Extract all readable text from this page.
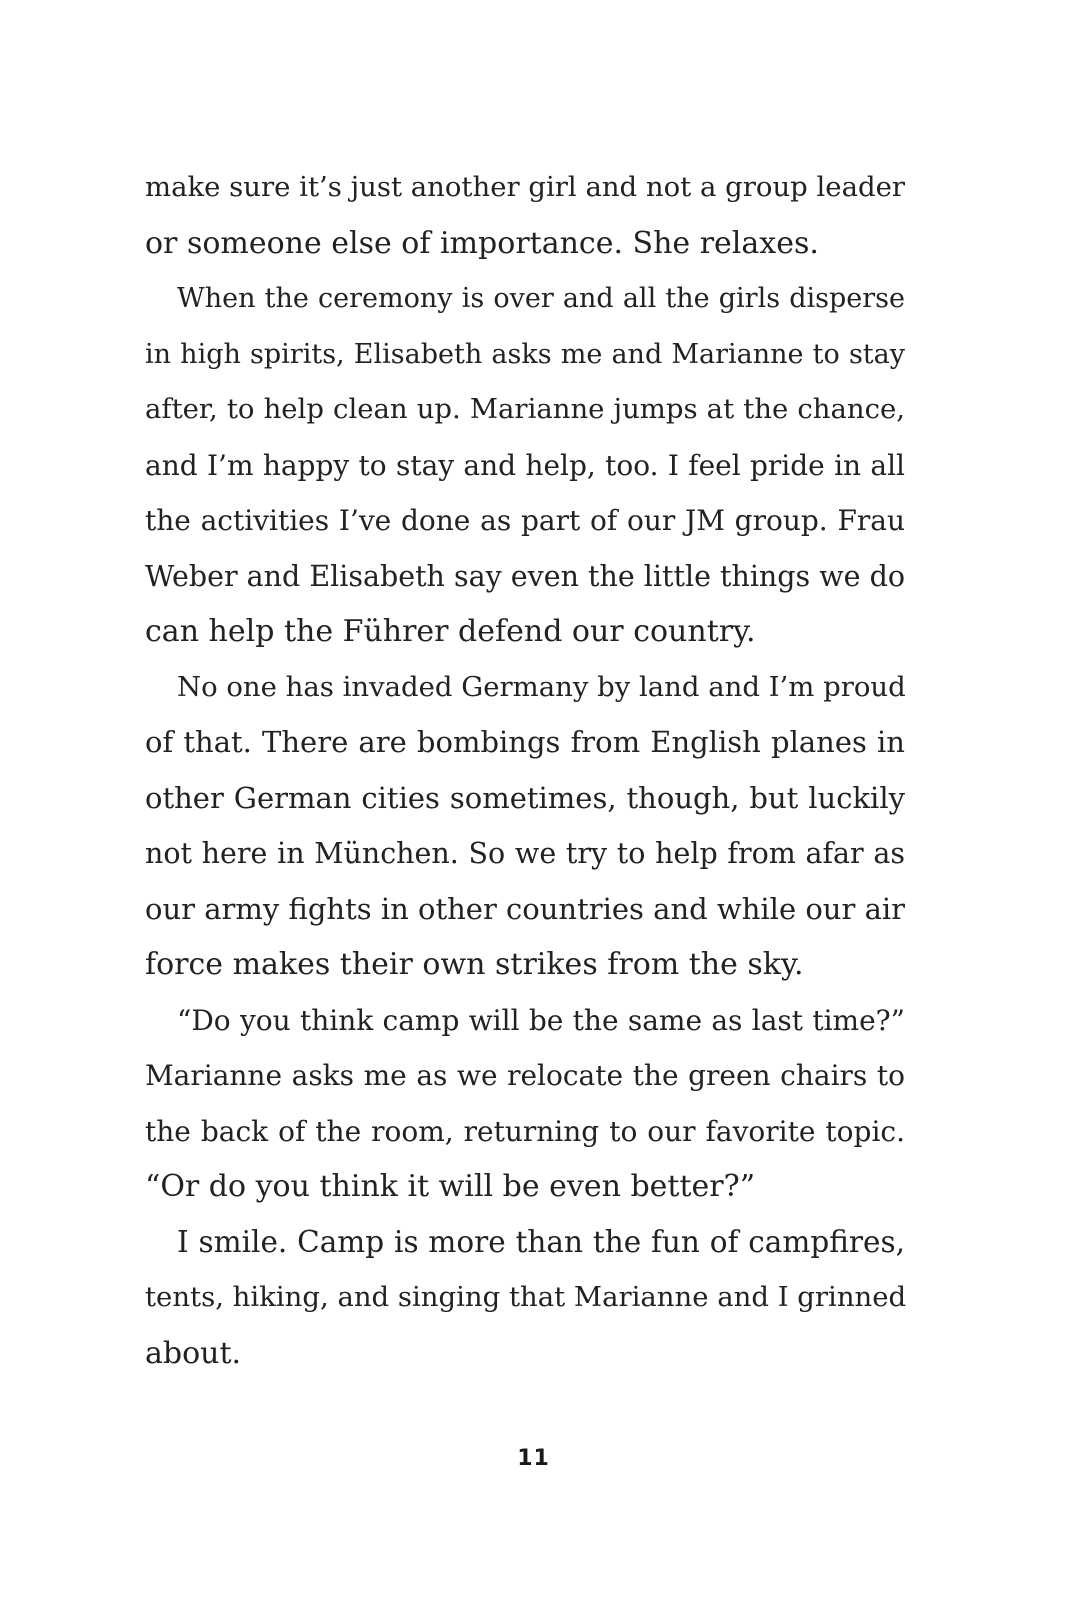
make sure it’s just another girl and not a group leader
or someone else of importance. She relaxes.
When the ceremony is over and all the girls disperse
in high spirits, Elisabeth asks me and Marianne to stay
after, to help clean up. Marianne jumps at the chance,
and I’m happy to stay and help, too. I feel pride in all
the activities I’ve done as part of our JM group. Frau
Weber and Elisabeth say even the little things we do
can help the Führer defend our country.
No one has invaded Germany by land and I’m proud
of that. There are bombings from English planes in
other German cities sometimes, though, but luckily
not here in München. So we try to help from afar as
our army fights in other countries and while our air
force makes their own strikes from the sky.
“Do you think camp will be the same as last time?”
Marianne asks me as we relocate the green chairs to
the back of the room, returning to our favorite topic.
“Or do you think it will be even better?”
I smile. Camp is more than the fun of campfires,
tents, hiking, and singing that Marianne and I grinned
about.
11
